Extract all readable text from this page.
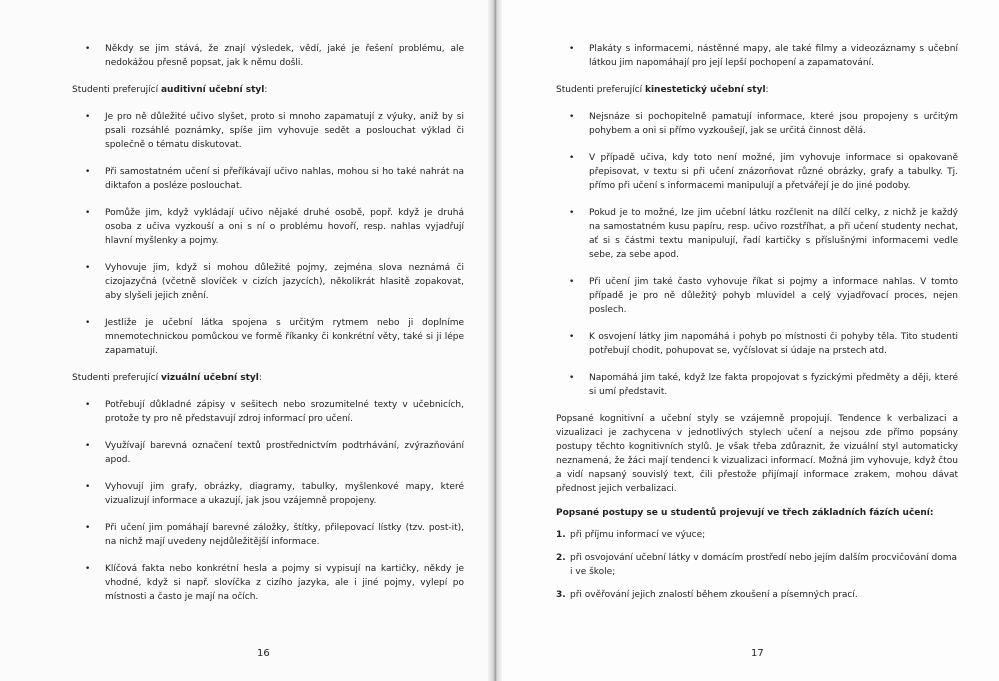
• Někdy se jim stává, že znají výsledek, vědí, jaké je řešení problému, ale nedokážou přesně popsat, jak k němu došli.
Studenti preferující auditivní učební styl:
• Je pro ně důležité učivo slyšet, proto si mnoho zapamatují z výuky, aniž by si psali rozsáhlé poznámky, spíše jim vyhovuje sedět a poslouchat výklad či společně o tématu diskutovat.
• Při samostatném učení si přeříkávají učivo nahlas, mohou si ho také nahrát na diktafon a posléze poslouchat.
• Pomůže jim, když vykládají učivo nějaké druhé osobě, popř. když je druhá osoba z učiva vyzkouší a oni s ní o problému hovoří, resp. nahlas vyjadřují hlavní myšlenky a pojmy.
• Vyhovuje jim, když si mohou důležité pojmy, zejména slova neznámá či cizojazyčná (včetně slovíček v cizích jazycích), několikrát hlasitě zopakovat, aby slyšeli jejich znění.
• Jestliže je učební látka spojena s určitým rytmem nebo ji doplníme mnemotechnickou pomůckou ve formě říkanky či konkrétní věty, také si ji lépe zapamatují.
Studenti preferující vizuální učební styl:
• Potřebují důkladné zápisy v sešitech nebo srozumitelné texty v učebnicích, protože ty pro ně představují zdroj informací pro učení.
• Využívají barevná označení textů prostřednictvím podtrhávání, zvýrazňování apod.
• Vyhovují jim grafy, obrázky, diagramy, tabulky, myšlenkové mapy, které vizualizují informace a ukazují, jak jsou vzájemně propojeny.
• Při učení jim pomáhají barevné záložky, štítky, přilepovací lístky (tzv. post-it), na nichž mají uvedeny nejdůležitější informace.
• Klíčová fakta nebo konkrétní hesla a pojmy si vypisují na kartičky, někdy je vhodné, když si např. slovíčka z cizího jazyka, ale i jiné pojmy, vylepí po místnosti a často je mají na očích.
16
• Plakáty s informacemi, nástěnné mapy, ale také filmy a videozáznamy s učební látkou jim napomáhají pro její lepší pochopení a zapamatování.
Studenti preferující kinestetický učební styl:
• Nejsnáze si pochopitelně pamatují informace, které jsou propojeny s určitým pohybem a oni si přímo vyzkoušejí, jak se určitá činnost dělá.
• V případě učiva, kdy toto není možné, jim vyhovuje informace si opakovaně přepisovat, v textu si při učení znázorňovat různé obrázky, grafy a tabulky. Tj. přímo při učení s informacemi manipulují a přetvářejí je do jiné podoby.
• Pokud je to možné, lze jim učební látku rozčlenit na dílčí celky, z nichž je každý na samostatném kusu papíru, resp. učivo rozstříhat, a při učení studenty nechat, ať si s částmi textu manipulují, řadí kartičky s příslušnými informacemi vedle sebe, za sebe apod.
• Při učení jim také často vyhovuje říkat si pojmy a informace nahlas. V tomto případě je pro ně důležitý pohyb mluvidel a celý vyjadřovací proces, nejen poslech.
• K osvojení látky jim napomáhá i pohyb po místnosti či pohyby těla. Tito studenti potřebují chodit, pohupovat se, vyčíslovat si údaje na prstech atd.
• Napomáhá jim také, když lze fakta propojovat s fyzickými předměty a ději, které si umí představit.

Popsané kognitivní a učební styly se vzájemně propojují. Tendence k verbalizaci a vizualizaci je zachycena v jednotlivých stylech učení a nejsou zde přímo popsány postupy těchto kognitivních stylů. Je však třeba zdůraznit, že vizuální styl automaticky neznamená, že žáci mají tendenci k vizualizaci informací. Možná jim vyhovuje, když čtou a vidí napsaný souvislý text, čili přestože přijímají informace zrakem, mohou dávat přednost jejich verbalizaci.

Popsané postupy se u studentů projevují ve třech základních fázích učení:

1. při příjmu informací ve výuce;
2. při osvojování učební látky v domácím prostředí nebo jejím dalším procvičování doma i ve škole;
3. při ověřování jejich znalostí během zkoušení a písemných prací.
17
